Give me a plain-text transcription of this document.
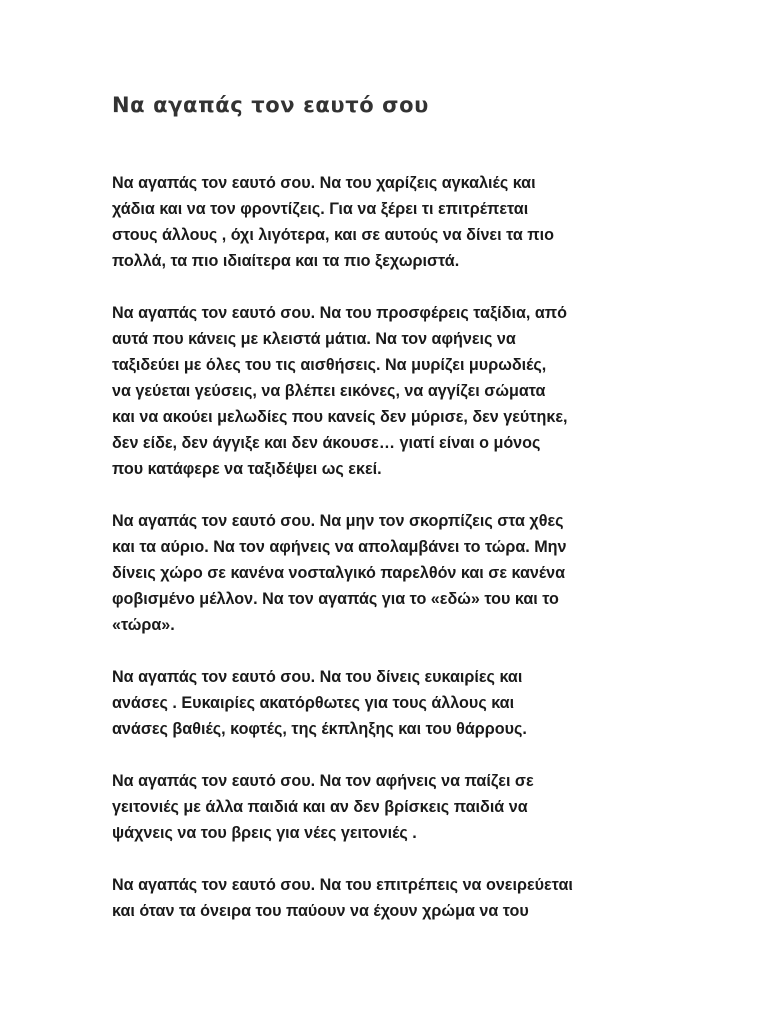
Να αγαπάς τον εαυτό σου

Να αγαπάς τον εαυτό σου. Να του χαρίζεις αγκαλιές και
χάδια και να τον φροντίζεις. Για να ξέρει τι επιτρέπεται
στους άλλους , όχι λιγότερα, και σε αυτούς να δίνει τα πιο
πολλά, τα πιο ιδιαίτερα και τα πιο ξεχωριστά.

Να αγαπάς τον εαυτό σου. Να του προσφέρεις ταξίδια, από
αυτά που κάνεις με κλειστά μάτια. Να τον αφήνεις να
ταξιδεύει με όλες του τις αισθήσεις. Να μυρίζει μυρωδιές,
να γεύεται γεύσεις, να βλέπει εικόνες, να αγγίζει σώματα
και να ακούει μελωδίες που κανείς δεν μύρισε, δεν γεύτηκε,
δεν είδε, δεν άγγιξε και δεν άκουσε… γιατί είναι ο μόνος
που κατάφερε να ταξιδέψει ως εκεί.

Να αγαπάς τον εαυτό σου. Να μην τον σκορπίζεις στα χθες
και τα αύριο. Να τον αφήνεις να απολαμβάνει το τώρα. Μην
δίνεις χώρο σε κανένα νοσταλγικό παρελθόν και σε κανένα
φοβισμένο μέλλον. Να τον αγαπάς για το «εδώ» του και το
«τώρα».

Να αγαπάς τον εαυτό σου. Να του δίνεις ευκαιρίες και
ανάσες . Ευκαιρίες ακατόρθωτες για τους άλλους και
ανάσες βαθιές, κοφτές, της έκπληξης και του θάρρους.

Να αγαπάς τον εαυτό σου. Να τον αφήνεις να παίζει σε
γειτονιές με άλλα παιδιά και αν δεν βρίσκεις παιδιά να
ψάχνεις να του βρεις για νέες γειτονιές .

Να αγαπάς τον εαυτό σου. Να του επιτρέπεις να ονειρεύεται
και όταν τα όνειρα του παύουν να έχουν χρώμα να του
